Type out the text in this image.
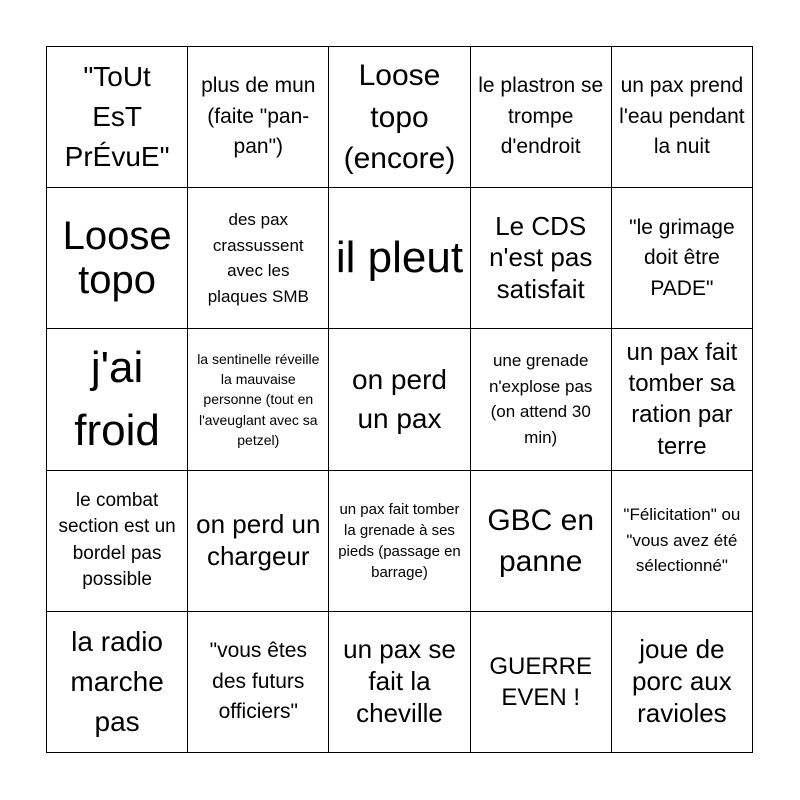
"ToUt EsT PrÉvuE"
plus de mun (faite "pan-pan")
Loose topo (encore)
le plastron se trompe d'endroit
un pax prend l'eau pendant la nuit
Loose topo
des pax crassussent avec les plaques SMB
il pleut
Le CDS n'est pas satisfait
"le grimage doit être PADE"
j'ai froid
la sentinelle réveille la mauvaise personne (tout en l'aveuglant avec sa petzel)
on perd un pax
une grenade n'explose pas (on attend 30 min)
un pax fait tomber sa ration par terre
le combat section est un bordel pas possible
on perd un chargeur
un pax fait tomber la grenade à ses pieds (passage en barrage)
GBC en panne
"Félicitation" ou "vous avez été sélectionné"
la radio marche pas
"vous êtes des futurs officiers"
un pax se fait la cheville
GUERRE EVEN !
joue de porc aux ravioles
